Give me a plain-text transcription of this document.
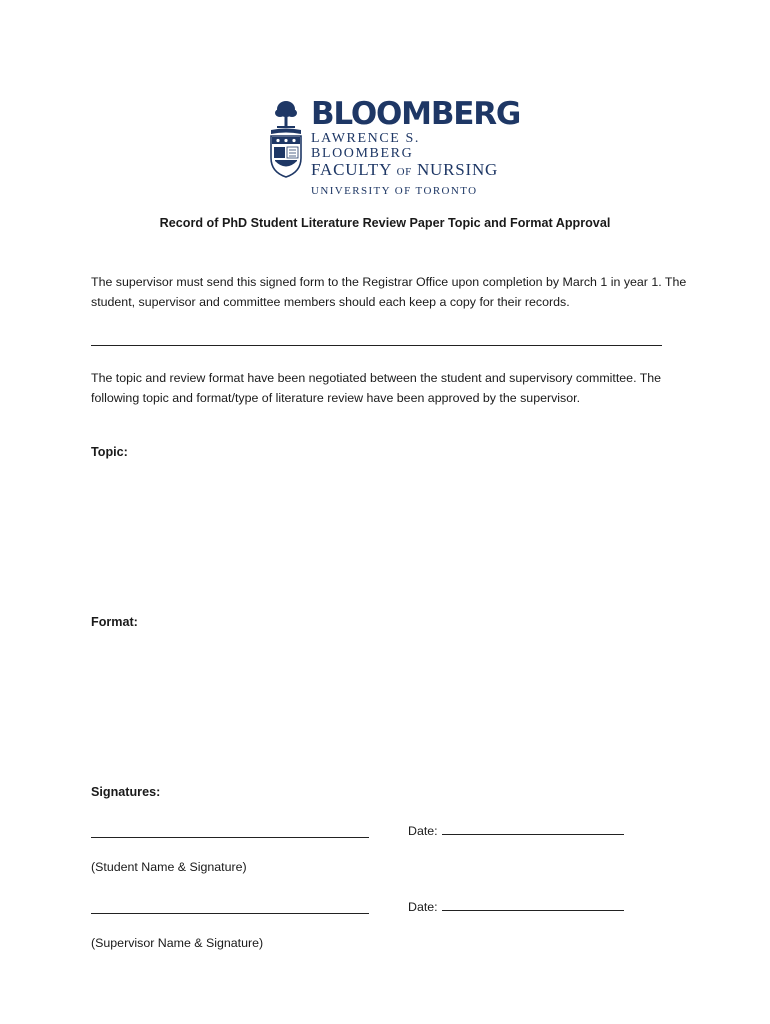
BLOOMBERG
LAWRENCE S. BLOOMBERG
FACULTY OF NURSING
UNIVERSITY OF TORONTO
Record of PhD Student Literature Review Paper Topic and Format Approval
The supervisor must send this signed form to the Registrar Office upon completion by March 1 in year 1. The student, supervisor and committee members should each keep a copy for their records.
The topic and review format have been negotiated between the student and supervisory committee. The following topic and format/type of literature review have been approved by the supervisor.
Topic:
Format:
Signatures:
Date:
(Student Name & Signature)
Date:
(Supervisor Name & Signature)
